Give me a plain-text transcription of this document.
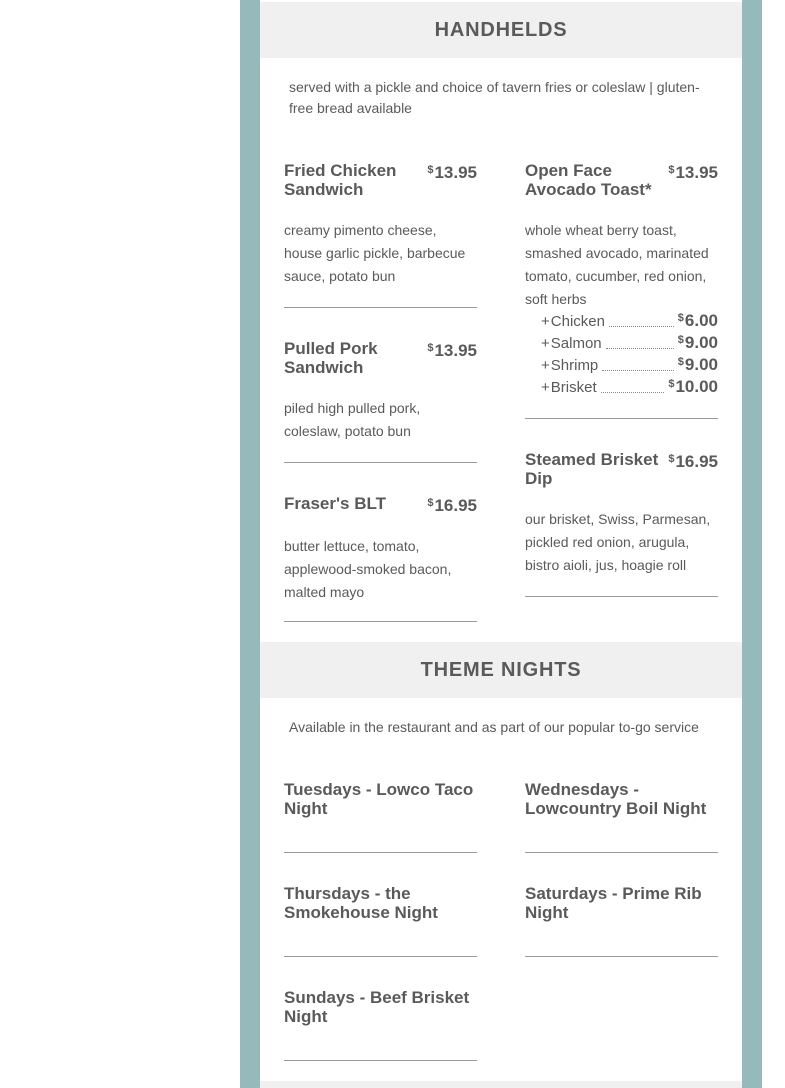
HANDHELDS

served with a pickle and choice of tavern fries or coleslaw | gluten-free bread available

Fried Chicken Sandwich
$13.95

creamy pimento cheese, house garlic pickle, barbecue sauce, potato bun

Pulled Pork Sandwich
$13.95

piled high pulled pork, coleslaw, potato bun

Fraser's BLT	$16.95

butter lettuce, tomato, applewood-smoked bacon, malted mayo

Open Face Avocado Toast*
$13.95

whole wheat berry toast, smashed avocado, marinated tomato, cucumber, red onion, soft herbs

+ Chicken	$6.00
+ Salmon	$9.00
+ Shrimp	$9.00
+ Brisket	$10.00
Steamed Brisket Dip
$16.95

our brisket, Swiss, Parmesan, pickled red onion, arugula, bistro aioli, jus, hoagie roll

THEME NIGHTS

Available in the restaurant and as part of our popular to-go service

Tuesdays - Lowco Taco Night
Wednesdays - Lowcountry Boil Night
Thursdays - the Smokehouse Night
Saturdays - Prime Rib Night
Sundays - Beef Brisket Night
